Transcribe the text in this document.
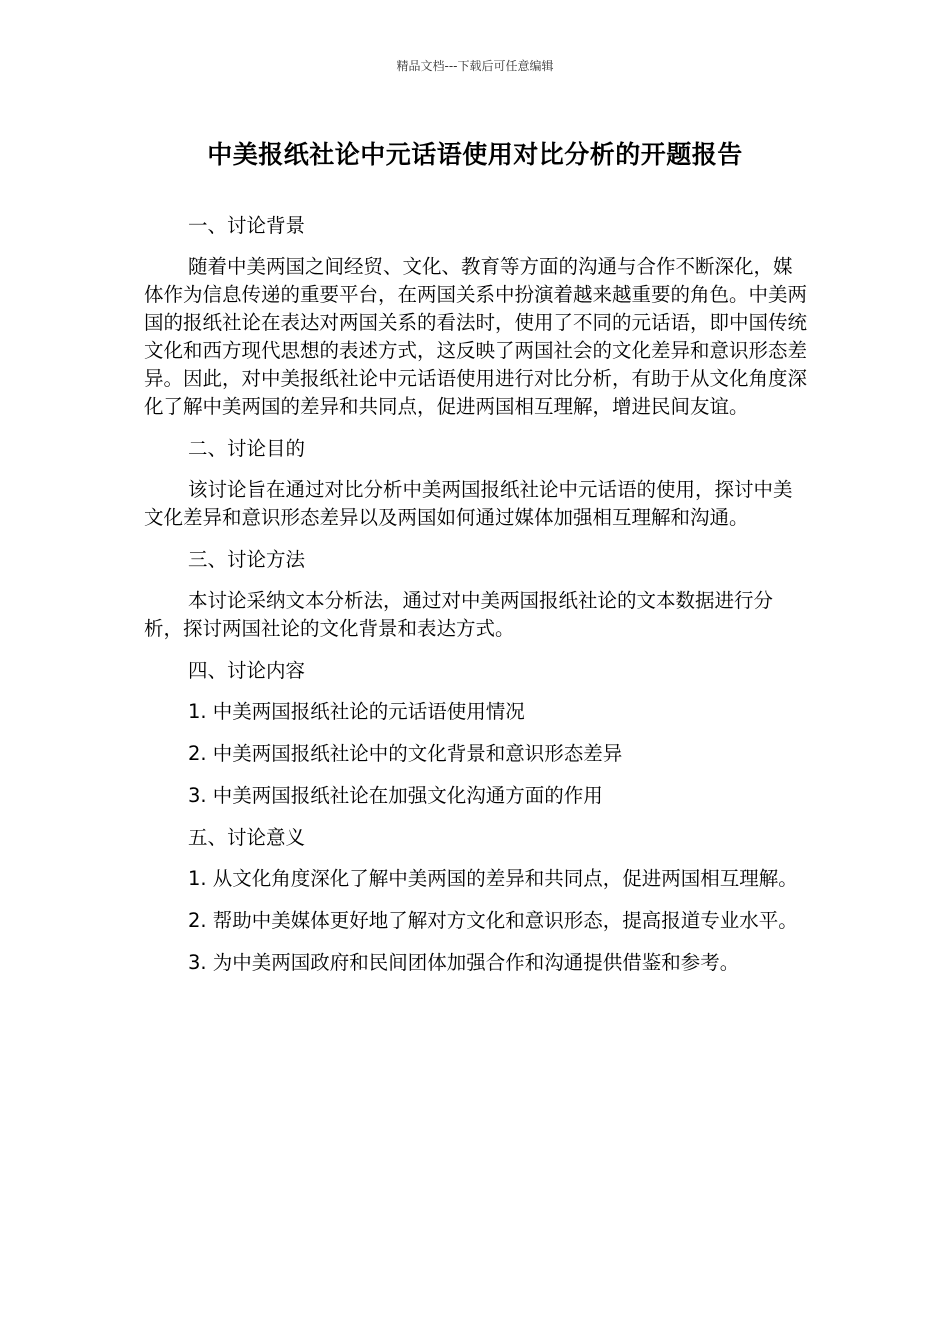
精品文档---下载后可任意编辑
中美报纸社论中元话语使用对比分析的开题报告

一、讨论背景

随着中美两国之间经贸、文化、教育等方面的沟通与合作不断深化，媒体作为信息传递的重要平台，在两国关系中扮演着越来越重要的角色。中美两国的报纸社论在表达对两国关系的看法时，使用了不同的元话语，即中国传统文化和西方现代思想的表述方式，这反映了两国社会的文化差异和意识形态差异。因此，对中美报纸社论中元话语使用进行对比分析，有助于从文化角度深化了解中美两国的差异和共同点，促进两国相互理解，增进民间友谊。

二、讨论目的

该讨论旨在通过对比分析中美两国报纸社论中元话语的使用，探讨中美文化差异和意识形态差异以及两国如何通过媒体加强相互理解和沟通。

三、讨论方法

本讨论采纳文本分析法，通过对中美两国报纸社论的文本数据进行分析，探讨两国社论的文化背景和表达方式。

四、讨论内容

1. 中美两国报纸社论的元话语使用情况

2. 中美两国报纸社论中的文化背景和意识形态差异

3. 中美两国报纸社论在加强文化沟通方面的作用

五、讨论意义

1. 从文化角度深化了解中美两国的差异和共同点，促进两国相互理解。

2. 帮助中美媒体更好地了解对方文化和意识形态，提高报道专业水平。

3. 为中美两国政府和民间团体加强合作和沟通提供借鉴和参考。
